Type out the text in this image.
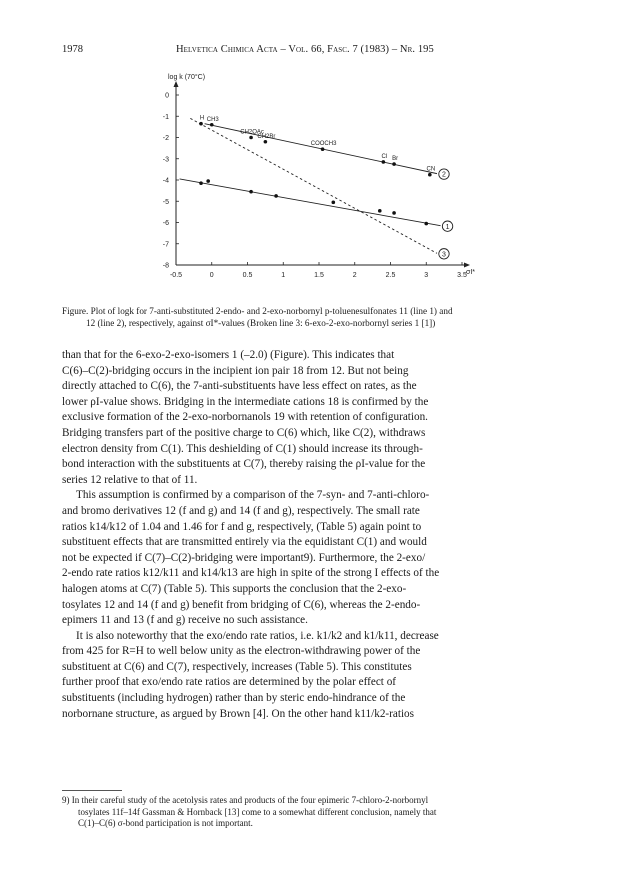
1978	Helvetica Chimica Acta – Vol. 66, Fasc. 7 (1983) – Nr. 195
0
-1
-2
-3
-4
-5
-6
-7
-8
-0.5	0	0.5	1	1.5	2	2.5	3	3.5
H CH3
CH2OAc
CH2Br
COOCH3
Cl Br
CN
2
1
3
log k (70°C)
σI*
Figure. Plot of logk for 7-anti-substituted 2-endo- and 2-exo-norbornyl p-toluenesulfonates 11 (line 1) and
12 (line 2), respectively, against σI*-values (Broken line 3: 6-exo-2-exo-norbornyl series 1 [1])
than that for the 6-exo-2-exo-isomers 1 (–2.0) (Figure). This indicates that
C(6)–C(2)-bridging occurs in the incipient ion pair 18 from 12. But not being
directly attached to C(6), the 7-anti-substituents have less effect on rates, as the
lower ρI-value shows. Bridging in the intermediate cations 18 is confirmed by the
exclusive formation of the 2-exo-norbornanols 19 with retention of configuration.
Bridging transfers part of the positive charge to C(6) which, like C(2), withdraws
electron density from C(1). This deshielding of C(1) should increase its through-
bond interaction with the substituents at C(7), thereby raising the ρI-value for the
series 12 relative to that of 11.
This assumption is confirmed by a comparison of the 7-syn- and 7-anti-chloro-
and bromo derivatives 12 (f and g) and 14 (f and g), respectively. The small rate
ratios k14/k12 of 1.04 and 1.46 for f and g, respectively, (Table 5) again point to
substituent effects that are transmitted entirely via the equidistant C(1) and would
not be expected if C(7)–C(2)-bridging were important9). Furthermore, the 2-exo/
2-endo rate ratios k12/k11 and k14/k13 are high in spite of the strong I effects of the
halogen atoms at C(7) (Table 5). This supports the conclusion that the 2-exo-
tosylates 12 and 14 (f and g) benefit from bridging of C(6), whereas the 2-endo-
epimers 11 and 13 (f and g) receive no such assistance.
It is also noteworthy that the exo/endo rate ratios, i.e. k1/k2 and k1/k11, decrease
from 425 for R=H to well below unity as the electron-withdrawing power of the
substituent at C(6) and C(7), respectively, increases (Table 5). This constitutes
further proof that exo/endo rate ratios are determined by the polar effect of
substituents (including hydrogen) rather than by steric endo-hindrance of the
norbornane structure, as argued by Brown [4]. On the other hand k11/k2-ratios
9) In their careful study of the acetolysis rates and products of the four epimeric 7-chloro-2-norbornyl
tosylates 11f–14f Gassman & Hornback [13] come to a somewhat different conclusion, namely that
C(1)–C(6) σ-bond participation is not important.
